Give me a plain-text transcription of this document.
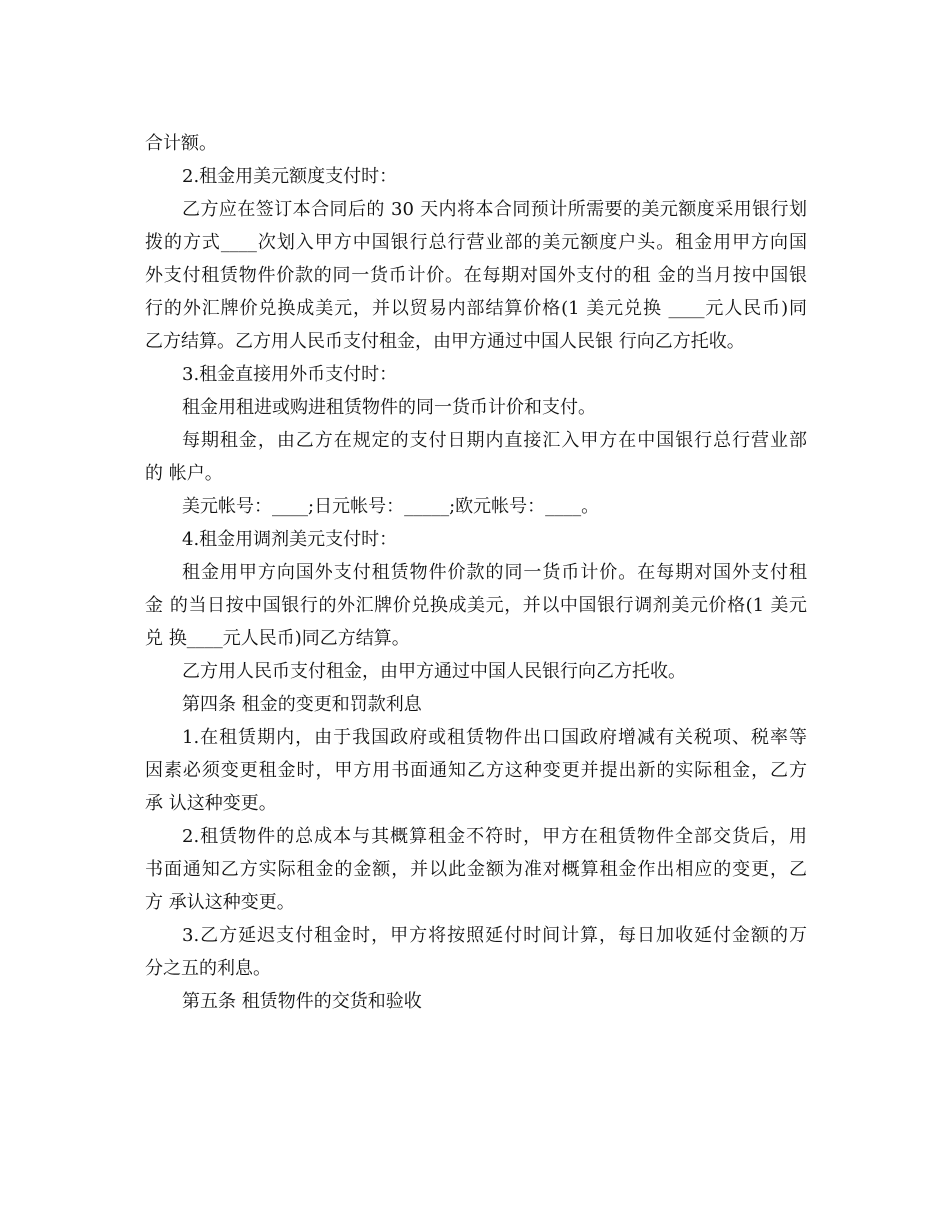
合计额。
2.租金用美元额度支付时：
乙方应在签订本合同后的 30 天内将本合同预计所需要的美元额度采用银行划
拨的方式____次划入甲方中国银行总行营业部的美元额度户头。租金用甲方向国
外支付租赁物件价款的同一货币计价。在每期对国外支付的租 金的当月按中国银
行的外汇牌价兑换成美元，并以贸易内部结算价格(1 美元兑换 ____元人民币)同
乙方结算。乙方用人民币支付租金，由甲方通过中国人民银 行向乙方托收。
3.租金直接用外币支付时：
租金用租进或购进租赁物件的同一货币计价和支付。
每期租金，由乙方在规定的支付日期内直接汇入甲方在中国银行总行营业部
的 帐户。
美元帐号：____;日元帐号：_____;欧元帐号：____。
4.租金用调剂美元支付时：
租金用甲方向国外支付租赁物件价款的同一货币计价。在每期对国外支付租
金 的当日按中国银行的外汇牌价兑换成美元，并以中国银行调剂美元价格(1 美元
兑 换____元人民币)同乙方结算。
乙方用人民币支付租金，由甲方通过中国人民银行向乙方托收。
第四条 租金的变更和罚款利息
1.在租赁期内，由于我国政府或租赁物件出口国政府增减有关税项、税率等
因素必须变更租金时，甲方用书面通知乙方这种变更并提出新的实际租金，乙方
承 认这种变更。
2.租赁物件的总成本与其概算租金不符时，甲方在租赁物件全部交货后，用
书面通知乙方实际租金的金额，并以此金额为准对概算租金作出相应的变更，乙
方 承认这种变更。
3.乙方延迟支付租金时，甲方将按照延付时间计算，每日加收延付金额的万
分之五的利息。
第五条 租赁物件的交货和验收
